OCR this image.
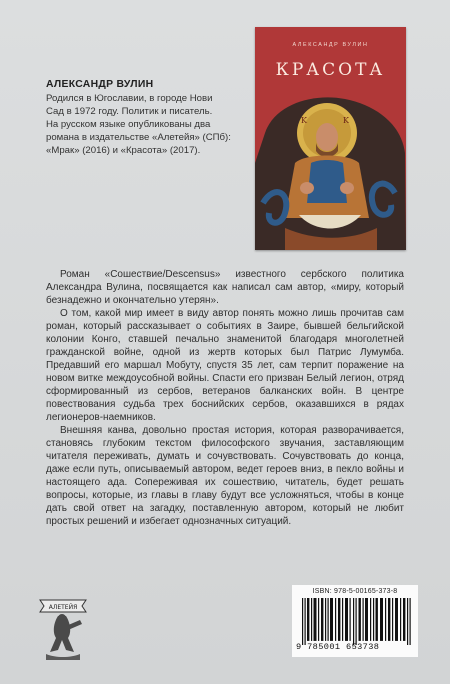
АЛЕКСАНДР ВУЛИН
Родился в Югославии, в городе Нови
Сад в 1972 году. Политик и писатель.
На русском языке опубликованы два
романа в издательстве «Алетейя» (СПб):
«Мрак» (2016) и «Красота» (2017).
АЛЕКСАНДР ВУЛИН
КРАСОТА
K	K

Роман «Сошествие/Descensus» известного сербского политика Александра Вулина, посвящается как написал сам автор, «миру, который безнадежно и окончательно утерян».

О том, какой мир имеет в виду автор понять можно лишь прочитав сам роман, который рассказывает о событиях в Заире, бывшей бельгийской колонии Конго, ставшей печально знаменитой благодаря многолетней гражданской войне, одной из жертв которых был Патрис Лумумба. Предавший его маршал Мобуту, спустя 35 лет, сам терпит поражение на новом витке междоусобной войны. Спасти его призван Белый легион, отряд сформированный из сербов, ветеранов балканских войн. В центре повествования судьба трех боснийских сербов, оказавшихся в рядах легионеров-наемников.

Внешняя канва, довольно простая история, которая разворачивается, становясь глубоким текстом философского звучания, заставляющим читателя переживать, думать и сочувствовать. Сочувствовать до конца, даже если путь, описываемый автором, ведет героев вниз, в пекло войны и настоящего ада. Сопереживая их сошествию, читатель, будет решать вопросы, которые, из главы в главу будут все усложняться, чтобы в конце дать свой ответ на загадку, поставленную автором, который не любит простых решений и избегает однозначных ситуаций.

АЛЕТЕЙЯ
ISBN: 978-5-00165-373-8
9 785001 653738
